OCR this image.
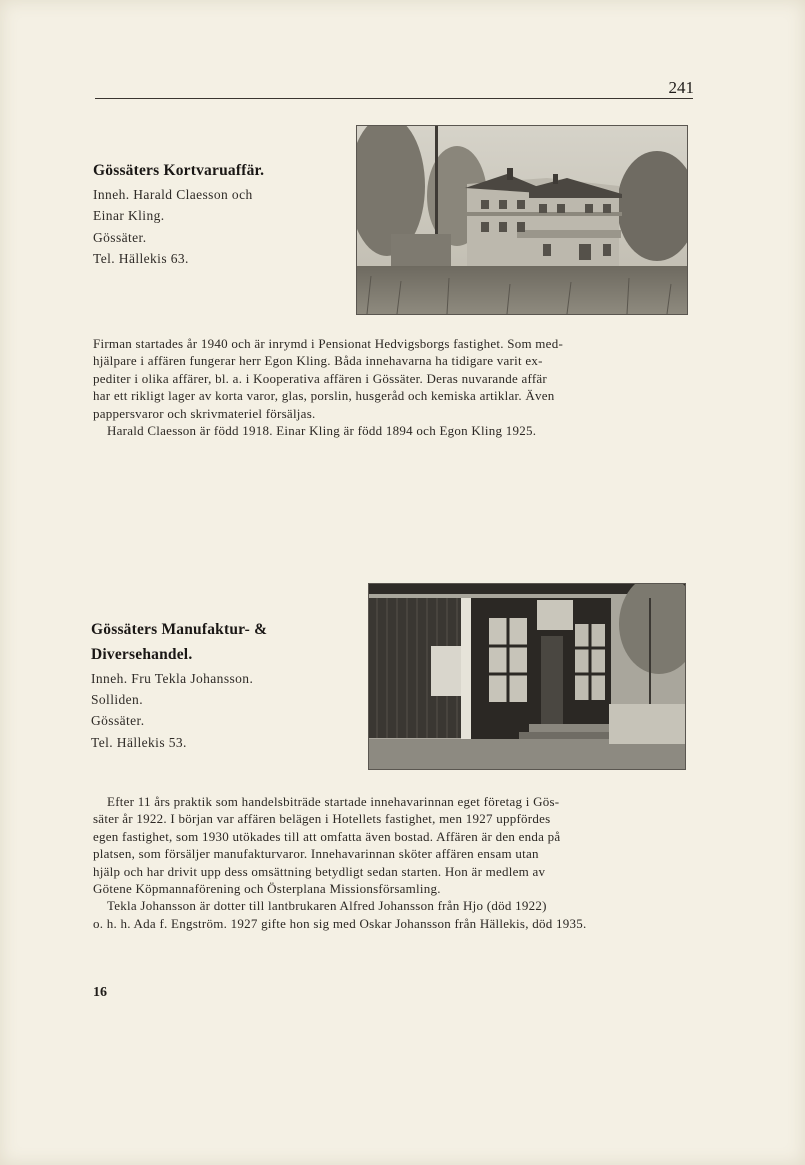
241
Gössäters Kortvaruaffär.
Inneh. Harald Claesson och
Einar Kling.
Gössäter.
Tel. Hällekis 63.
Firman startades år 1940 och är inrymd i Pensionat Hedvigsborgs fastighet. Som med-
hjälpare i affären fungerar herr Egon Kling. Båda innehavarna ha tidigare varit ex-
pediter i olika affärer, bl. a. i Kooperativa affären i Gössäter. Deras nuvarande affär
har ett rikligt lager av korta varor, glas, porslin, husgeråd och kemiska artiklar. Även
pappersvaror och skrivmateriel försäljas.
Harald Claesson är född 1918. Einar Kling är född 1894 och Egon Kling 1925.
Gössäters Manufaktur- &
Diversehandel.
Inneh. Fru Tekla Johansson.
Solliden.
Gössäter.
Tel. Hällekis 53.
Efter 11 års praktik som handelsbiträde startade innehavarinnan eget företag i Gös-
säter år 1922. I början var affären belägen i Hotellets fastighet, men 1927 uppfördes
egen fastighet, som 1930 utökades till att omfatta även bostad. Affären är den enda på
platsen, som försäljer manufakturvaror. Innehavarinnan sköter affären ensam utan
hjälp och har drivit upp dess omsättning betydligt sedan starten. Hon är medlem av
Götene Köpmannaförening och Österplana Missionsförsamling.
Tekla Johansson är dotter till lantbrukaren Alfred Johansson från Hjo (död 1922)
o. h. h. Ada f. Engström. 1927 gifte hon sig med Oskar Johansson från Hällekis, död 1935.
16
